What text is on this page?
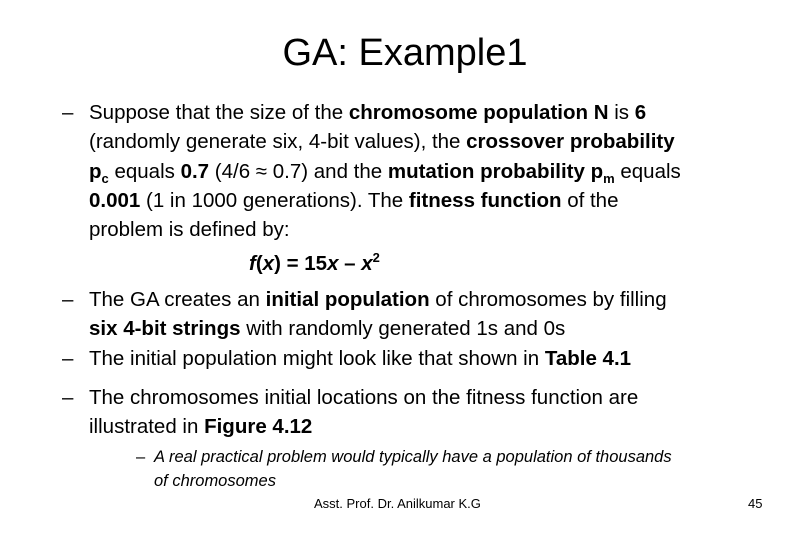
GA: Example1
– Suppose that the size of the chromosome population N is 6
(randomly generate six, 4-bit values), the crossover probability
$p_c$ equals 0.7 (4/6 ≈ 0.7) and the mutation probability $p_m$ equals
0.001 (1 in 1000 generations). The fitness function of the
problem is defined by:
$f(x) = 15x - x^2$
– The GA creates an initial population of chromosomes by filling
six 4-bit strings with randomly generated 1s and 0s
– The initial population might look like that shown in Table 4.1
– The chromosomes initial locations on the fitness function are
illustrated in Figure 4.12
– A real practical problem would typically have a population of thousands
of chromosomes
Asst. Prof. Dr. Anilkumar K.G	45
